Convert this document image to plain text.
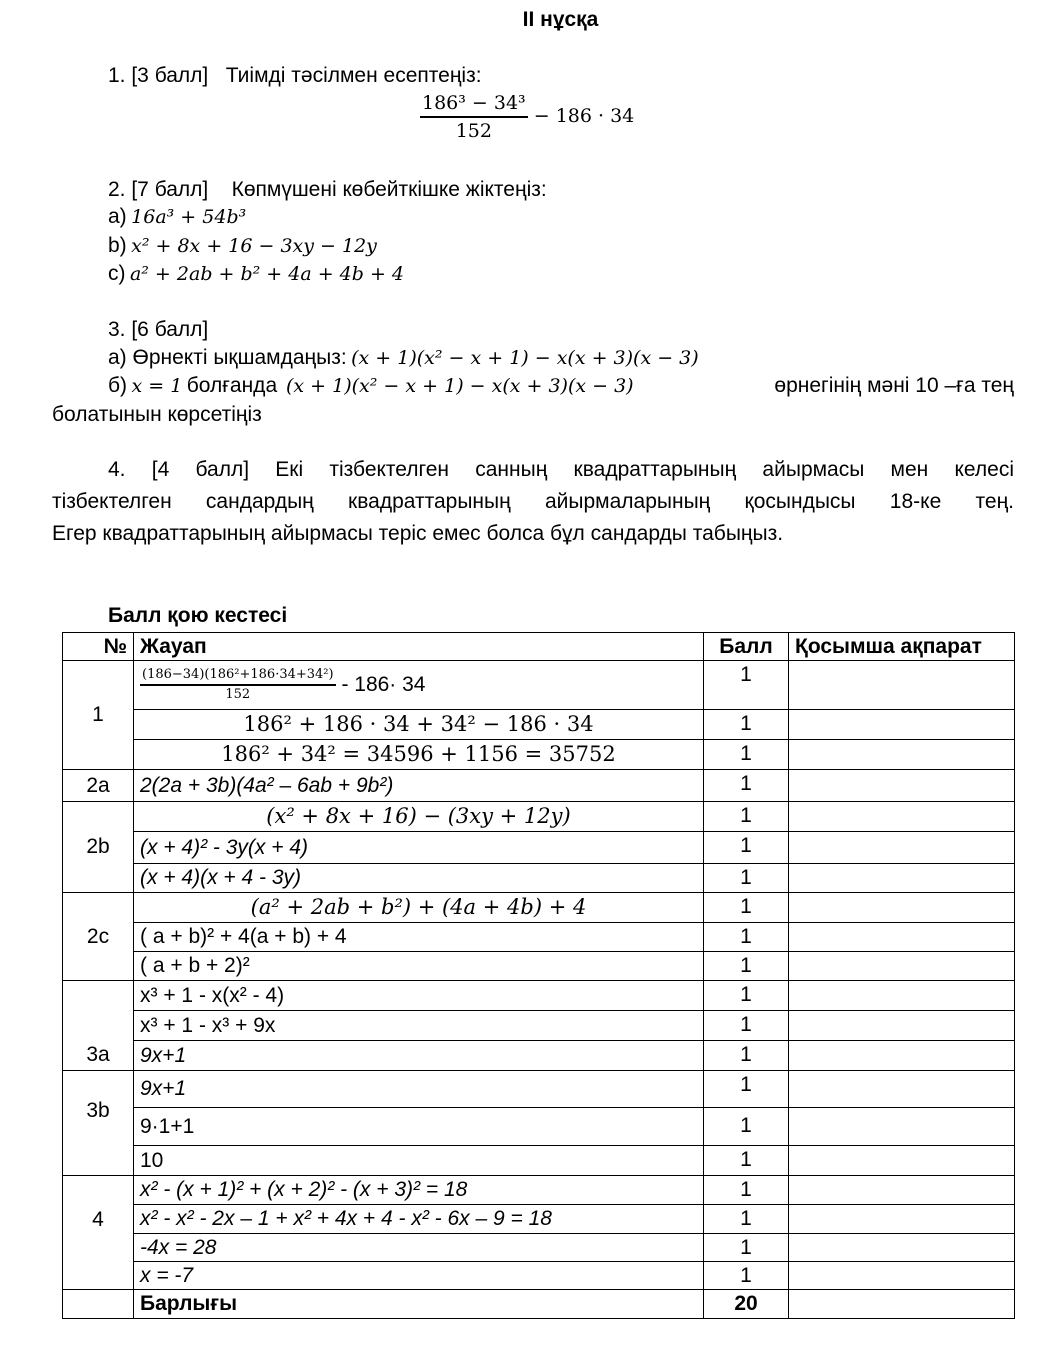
II нұсқа
1. [3 балл] Тиімді тәсілмен есептеңіз:
$\frac{\text{186³ − 34³}}{152} - 186 \cdot 34$
2. [7 балл] Көпмүшені көбейткішке жіктеңіз:
a) 16a³ + 54b³
b) x² + 8x + 16 − 3xy − 12y
c) a² + 2ab + b² + 4a + 4b + 4
3. [6 балл]
а) Өрнекті ықшамдаңыз: (x + 1)(x² − x + 1) − x(x + 3)(x − 3)
б) x = 1 болғанда (x + 1)(x² − x + 1) − x(x + 3)(x − 3)	өрнегінің мәні 10 –ға тең
болатынын көрсетіңіз
4. [4 балл] Екі тізбектелген санның квадраттарының айырмасы мен келесі
тізбектелген сандардың квадраттарының айырмаларының қосындысы 18-ке тең.
Егер квадраттарының айырмасы теріс емес болса бұл сандарды табыңыз.
Балл қою кестесі
№	Жауап	Балл	Қосымша ақпарат
1	$\frac{\text{(186−34)(186²+186·34+34²)}}{152} - 186\cdot 34$	1	
	186² + 186 · 34 + 34² − 186 · 34	1	
	186² + 34² = 34596 + 1156 = 35752	1	
2a	2(2a + 3b)(4a² – 6ab + 9b²)	1	
2b	(x² + 8x + 16) − (3xy + 12y)	1	
	(x + 4)² - 3y(x + 4)	1	
	(x + 4)(x + 4 - 3y)	1	
2c	(a² + 2ab + b²) + (4a + 4b) + 4	1	
	( a + b)² + 4(a + b) + 4	1	
	( a + b + 2)²	1	
3a	x³ + 1 - x(x² - 4)	1	
	x³ + 1 - x³ + 9x	1	
	9x+1	1	
3b	9x+1	1	
	9·1+1	1	
	10	1	
4	x² - (x + 1)² + (x + 2)² - (x + 3)² = 18	1	
	x² - x² - 2x – 1 + x² + 4x + 4 - x² - 6x – 9 = 18	1	
	-4x = 28	1	
	x = -7	1	
	Барлығы	20	
